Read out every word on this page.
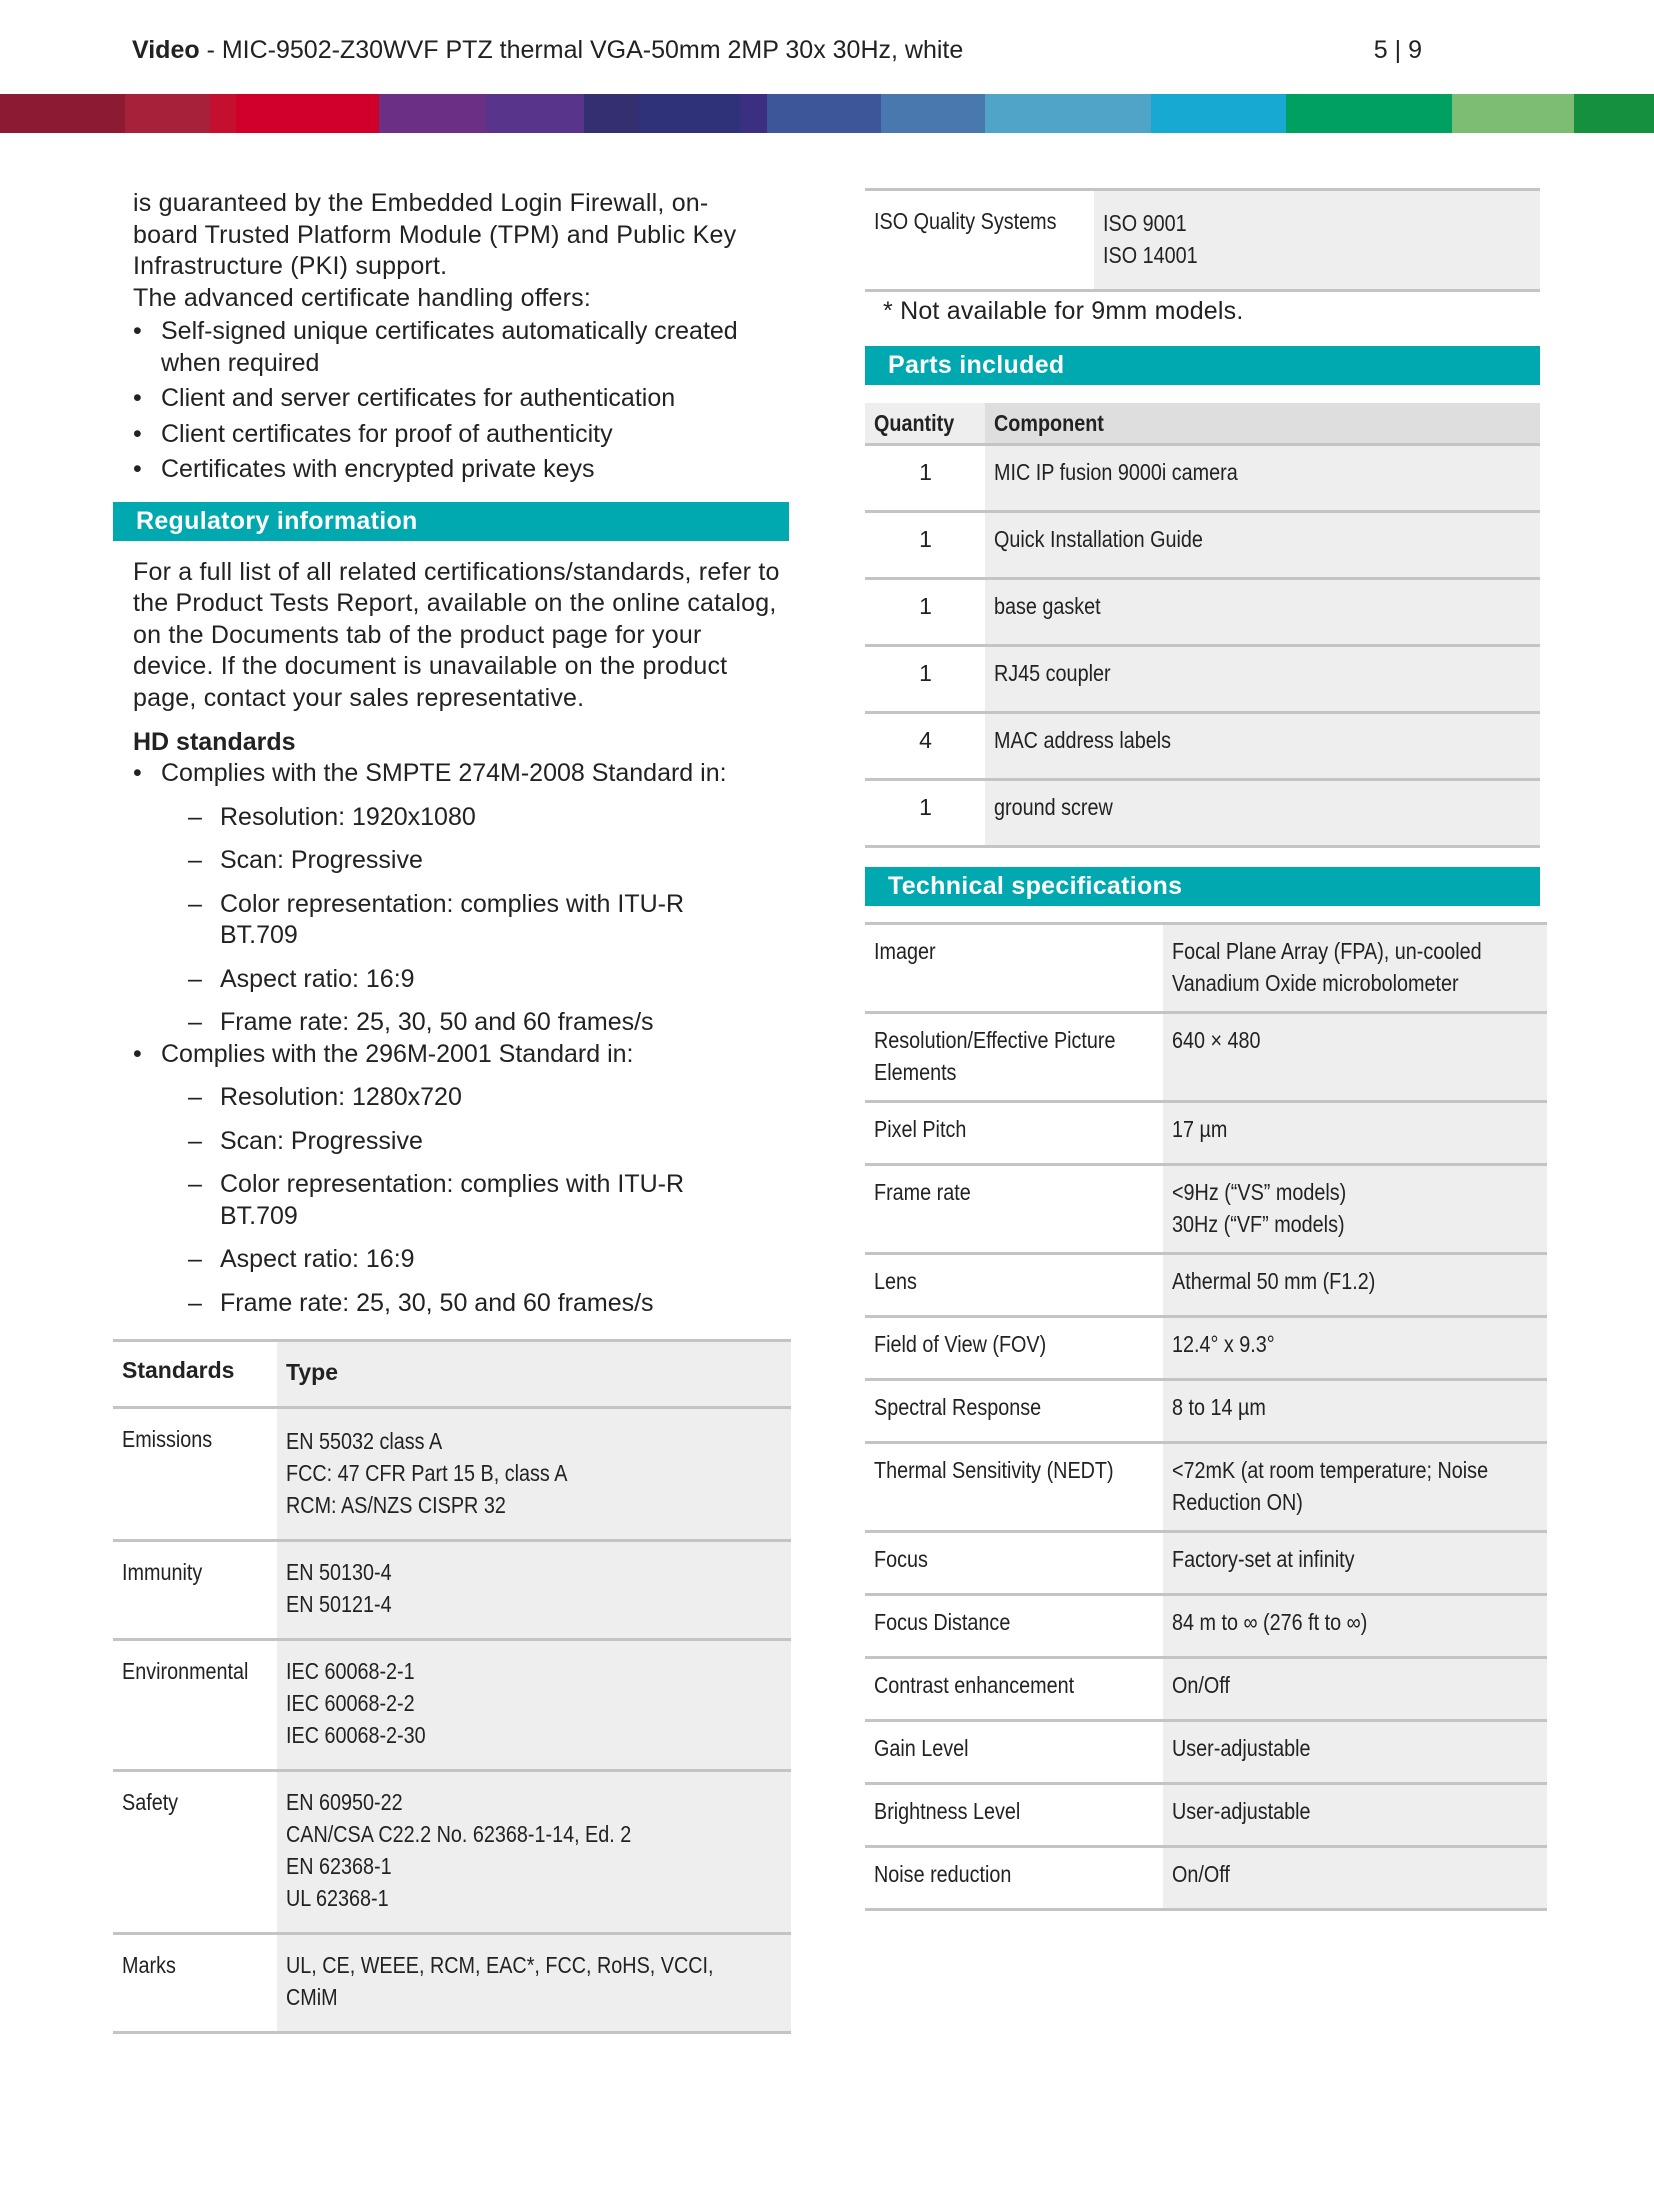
Video - MIC-9502-Z30WVF PTZ thermal VGA-50mm 2MP 30x 30Hz, white	5 | 9
is guaranteed by the Embedded Login Firewall, on-
board Trusted Platform Module (TPM) and Public Key
Infrastructure (PKI) support.
The advanced certificate handling offers:
• Self-signed unique certificates automatically created when required
• Client and server certificates for authentication
• Client certificates for proof of authenticity
• Certificates with encrypted private keys
Regulatory information
For a full list of all related certifications/standards, refer to the Product Tests Report, available on the online catalog, on the Documents tab of the product page for your device. If the document is unavailable on the product page, contact your sales representative.
HD standards
• Complies with the SMPTE 274M-2008 Standard in:
– Resolution: 1920x1080
– Scan: Progressive
– Color representation: complies with ITU-R BT.709
– Aspect ratio: 16:9
– Frame rate: 25, 30, 50 and 60 frames/s
• Complies with the 296M-2001 Standard in:
– Resolution: 1280x720
– Scan: Progressive
– Color representation: complies with ITU-R BT.709
– Aspect ratio: 16:9
– Frame rate: 25, 30, 50 and 60 frames/s
Standards	Type
Emissions	EN 55032 class A
FCC: 47 CFR Part 15 B, class A
RCM: AS/NZS CISPR 32

Immunity	EN 50130-4
EN 50121-4

Environmental	IEC 60068-2-1
IEC 60068-2-2
IEC 60068-2-30

Safety	EN 60950-22
CAN/CSA C22.2 No. 62368-1-14, Ed. 2
EN 62368-1
UL 62368-1

Marks	UL, CE, WEEE, RCM, EAC*, FCC, RoHS, VCCI,
CMiM
ISO Quality Systems	ISO 9001
ISO 14001
* Not available for 9mm models.
Parts included
Quantity	Component
1	MIC IP fusion 9000i camera
1	Quick Installation Guide
1	base gasket
1	RJ45 coupler
4	MAC address labels
1	ground screw
Technical specifications
Imager	Focal Plane Array (FPA), un-cooled
Vanadium Oxide microbolometer

Resolution/Effective Picture
Elements	640 × 480

Pixel Pitch	17 µm

Frame rate	<9Hz (“VS” models)
30Hz (“VF” models)

Lens	Athermal 50 mm (F1.2)

Field of View (FOV)	12.4° x 9.3°

Spectral Response	8 to 14 µm

Thermal Sensitivity (NEDT)	<72mK (at room temperature; Noise
Reduction ON)

Focus	Factory-set at infinity

Focus Distance	84 m to ∞ (276 ft to ∞)

Contrast enhancement	On/Off

Gain Level	User-adjustable

Brightness Level	User-adjustable

Noise reduction	On/Off
